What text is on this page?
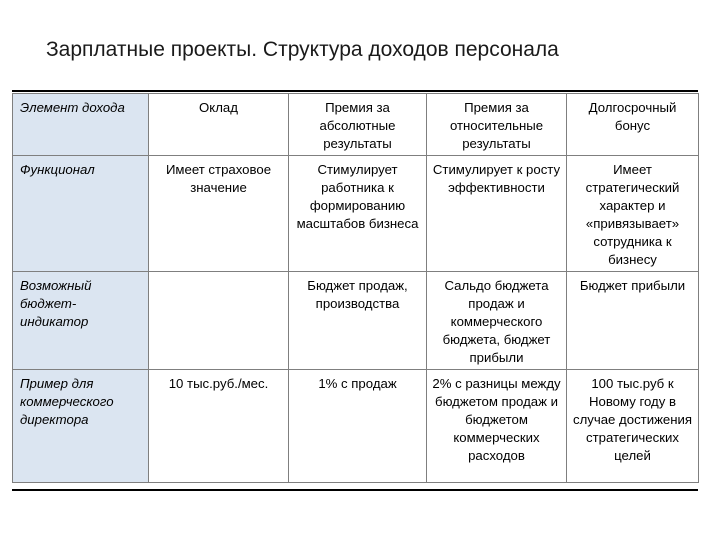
Зарплатные проекты. Структура доходов персонала
Элемент дохода	Оклад	Премия за абсолютные результаты	Премия за относительные результаты	Долгосрочный бонус
Функционал	Имеет страховое значение	Стимулирует работника к формированию масштабов бизнеса	Стимулирует к росту эффективности	Имеет стратегический характер и «привязывает» сотрудника к бизнесу
Возможный бюджет-индикатор		Бюджет продаж, производства	Сальдо бюджета продаж и коммерческого бюджета, бюджет прибыли	Бюджет прибыли
Пример для коммерческого директора	10 тыс.руб./мес.	1% с продаж	2% с разницы между бюджетом продаж и бюджетом коммерческих расходов	100 тыс.руб к Новому году в случае достижения стратегических целей
